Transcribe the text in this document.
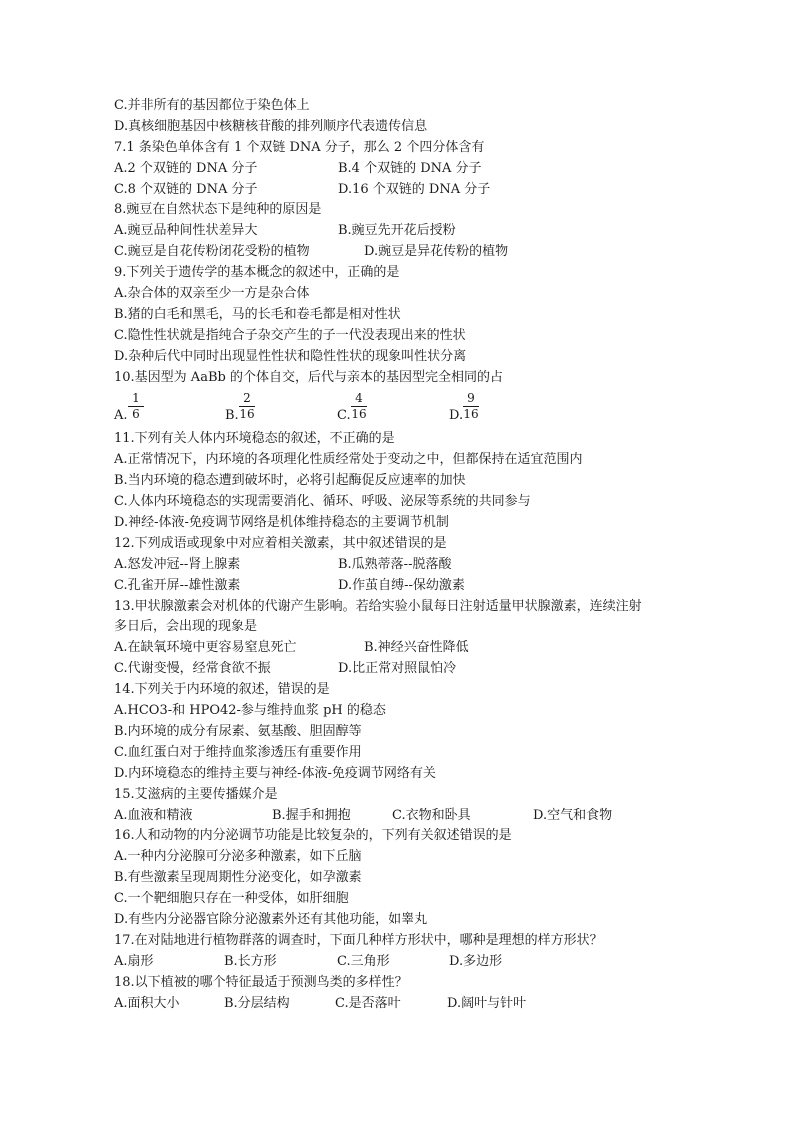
C.并非所有的基因都位于染色体上
D.真核细胞基因中核糖核苷酸的排列顺序代表遗传信息
7.1 条染色单体含有 1 个双链 DNA 分子，那么 2 个四分体含有
A.2 个双链的 DNA 分子	B.4 个双链的 DNA 分子
C.8 个双链的 DNA 分子	D.16 个双链的 DNA 分子
8.豌豆在自然状态下是纯种的原因是
A.豌豆品种间性状差异大	B.豌豆先开花后授粉
C.豌豆是自花传粉闭花受粉的植物	D.豌豆是异花传粉的植物
9.下列关于遗传学的基本概念的叙述中，正确的是
A.杂合体的双亲至少一方是杂合体
B.猪的白毛和黑毛，马的长毛和卷毛都是相对性状
C.隐性性状就是指纯合子杂交产生的子一代没表现出来的性状
D.杂种后代中同时出现显性性状和隐性性状的现象叫性状分离
10.基因型为 AaBb 的个体自交，后代与亲本的基因型完全相同的占
A. $\frac{1}{6}$	B. $\frac{2}{16}$	C. $\frac{4}{16}$	D. $\frac{9}{16}$
11.下列有关人体内环境稳态的叙述，不正确的是
A.正常情况下，内环境的各项理化性质经常处于变动之中，但都保持在适宜范围内
B.当内环境的稳态遭到破坏时，必将引起酶促反应速率的加快
C.人体内环境稳态的实现需要消化、循环、呼吸、泌尿等系统的共同参与
D.神经-体液-免疫调节网络是机体维持稳态的主要调节机制
12.下列成语或现象中对应着相关激素，其中叙述错误的是
A.怒发冲冠--肾上腺素	B.瓜熟蒂落--脱落酸
C.孔雀开屏--雄性激素	D.作茧自缚--保幼激素
13.甲状腺激素会对机体的代谢产生影响。若给实验小鼠每日注射适量甲状腺激素，连续注射
多日后，会出现的现象是
A.在缺氧环境中更容易窒息死亡	B.神经兴奋性降低
C.代谢变慢，经常食欲不振	D.比正常对照鼠怕冷
14.下列关于内环境的叙述，错误的是
A.HCO3-和 HPO42-参与维持血浆 pH 的稳态
B.内环境的成分有尿素、氨基酸、胆固醇等
C.血红蛋白对于维持血浆渗透压有重要作用
D.内环境稳态的维持主要与神经-体液-免疫调节网络有关
15.艾滋病的主要传播媒介是
A.血液和精液	B.握手和拥抱	C.衣物和卧具	D.空气和食物
16.人和动物的内分泌调节功能是比较复杂的，下列有关叙述错误的是
A.一种内分泌腺可分泌多种激素，如下丘脑
B.有些激素呈现周期性分泌变化，如孕激素
C.一个靶细胞只存在一种受体，如肝细胞
D.有些内分泌器官除分泌激素外还有其他功能，如睾丸
17.在对陆地进行植物群落的调查时，下面几种样方形状中，哪种是理想的样方形状？
A.扇形	B.长方形	C.三角形	D.多边形
18.以下植被的哪个特征最适于预测鸟类的多样性？
A.面积大小	B.分层结构	C.是否落叶	D.阔叶与针叶
